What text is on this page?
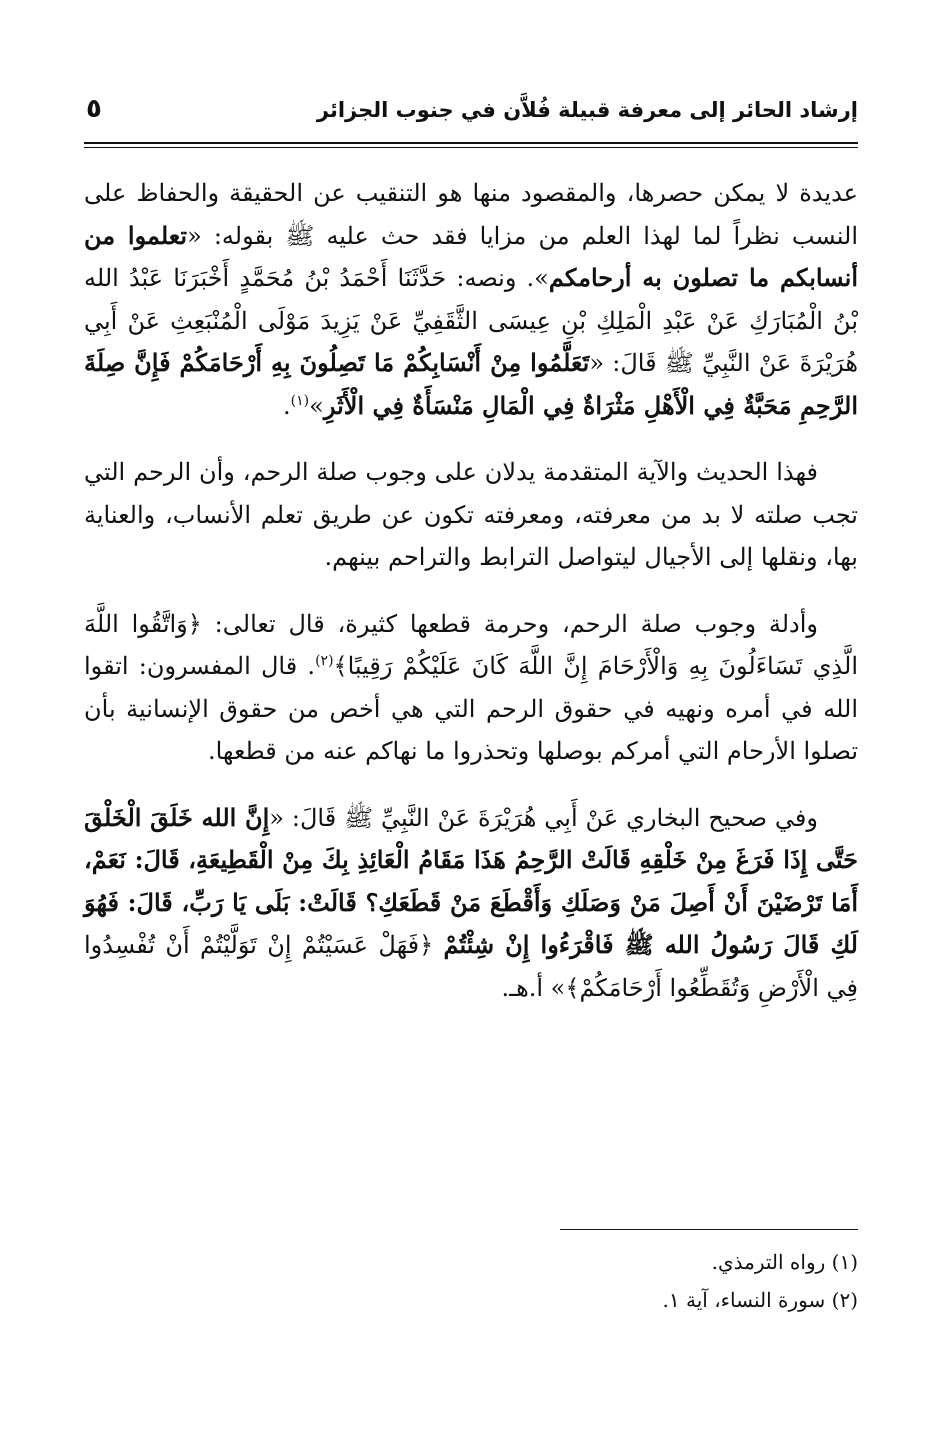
إرشاد الحائر إلى معرفة قبيلة فُلاَّن في جنوب الجزائر
٥

عديدة لا يمكن حصرها، والمقصود منها هو التنقيب عن الحقيقة والحفاظ على النسب نظراً لما لهذا العلم من مزايا فقد حث عليه ﷺ بقوله: «تعلموا من أنسابكم ما تصلون به أرحامكم». ونصه: حَدَّثَنَا أَحْمَدُ بْنُ مُحَمَّدٍ أَخْبَرَنَا عَبْدُ الله بْنُ الْمُبَارَكِ عَنْ عَبْدِ الْمَلِكِ بْنِ عِيسَى الثَّقَفِيِّ عَنْ يَزِيدَ مَوْلَى الْمُنْبَعِثِ عَنْ أَبِي هُرَيْرَةَ عَنْ النَّبِيِّ ﷺ قَالَ: «تَعَلَّمُوا مِنْ أَنْسَابِكُمْ مَا تَصِلُونَ بِهِ أَرْحَامَكُمْ فَإِنَّ صِلَةَ الرَّحِمِ مَحَبَّةٌ فِي الْأَهْلِ مَثْرَاةٌ فِي الْمَالِ مَنْسَأَةٌ فِي الْأَثَرِ»$^{(١)}$.

فهذا الحديث والآية المتقدمة يدلان على وجوب صلة الرحم، وأن الرحم التي تجب صلته لا بد من معرفته، ومعرفته تكون عن طريق تعلم الأنساب، والعناية بها، ونقلها إلى الأجيال ليتواصل الترابط والتراحم بينهم.

وأدلة وجوب صلة الرحم، وحرمة قطعها كثيرة، قال تعالى: ﴿وَاتَّقُوا اللَّهَ الَّذِي تَسَاءَلُونَ بِهِ وَالْأَرْحَامَ إِنَّ اللَّهَ كَانَ عَلَيْكُمْ رَقِيبًا﴾$^{(٢)}$. قال المفسرون: اتقوا الله في أمره ونهيه في حقوق الرحم التي هي أخص من حقوق الإنسانية بأن تصلوا الأرحام التي أمركم بوصلها وتحذروا ما نهاكم عنه من قطعها.

وفي صحيح البخاري عَنْ أَبِي هُرَيْرَةَ عَنْ النَّبِيِّ ﷺ قَالَ: «إِنَّ الله خَلَقَ الْخَلْقَ حَتَّى إِذَا فَرَغَ مِنْ خَلْقِهِ قَالَتْ الرَّحِمُ هَذَا مَقَامُ الْعَائِذِ بِكَ مِنْ الْقَطِيعَةِ، قَالَ: نَعَمْ، أَمَا تَرْضَيْنَ أَنْ أَصِلَ مَنْ وَصَلَكِ وَأَقْطَعَ مَنْ قَطَعَكِ؟ قَالَتْ: بَلَى يَا رَبِّ، قَالَ: فَهُوَ لَكِ قَالَ رَسُولُ الله ﷺ فَاقْرَءُوا إِنْ شِئْتُمْ ﴿فَهَلْ عَسَيْتُمْ إِنْ تَوَلَّيْتُمْ أَنْ تُفْسِدُوا فِي الْأَرْضِ وَتُقَطِّعُوا أَرْحَامَكُمْ﴾» أ.هـ.

(١) رواه الترمذي.
(٢) سورة النساء، آية ١.
